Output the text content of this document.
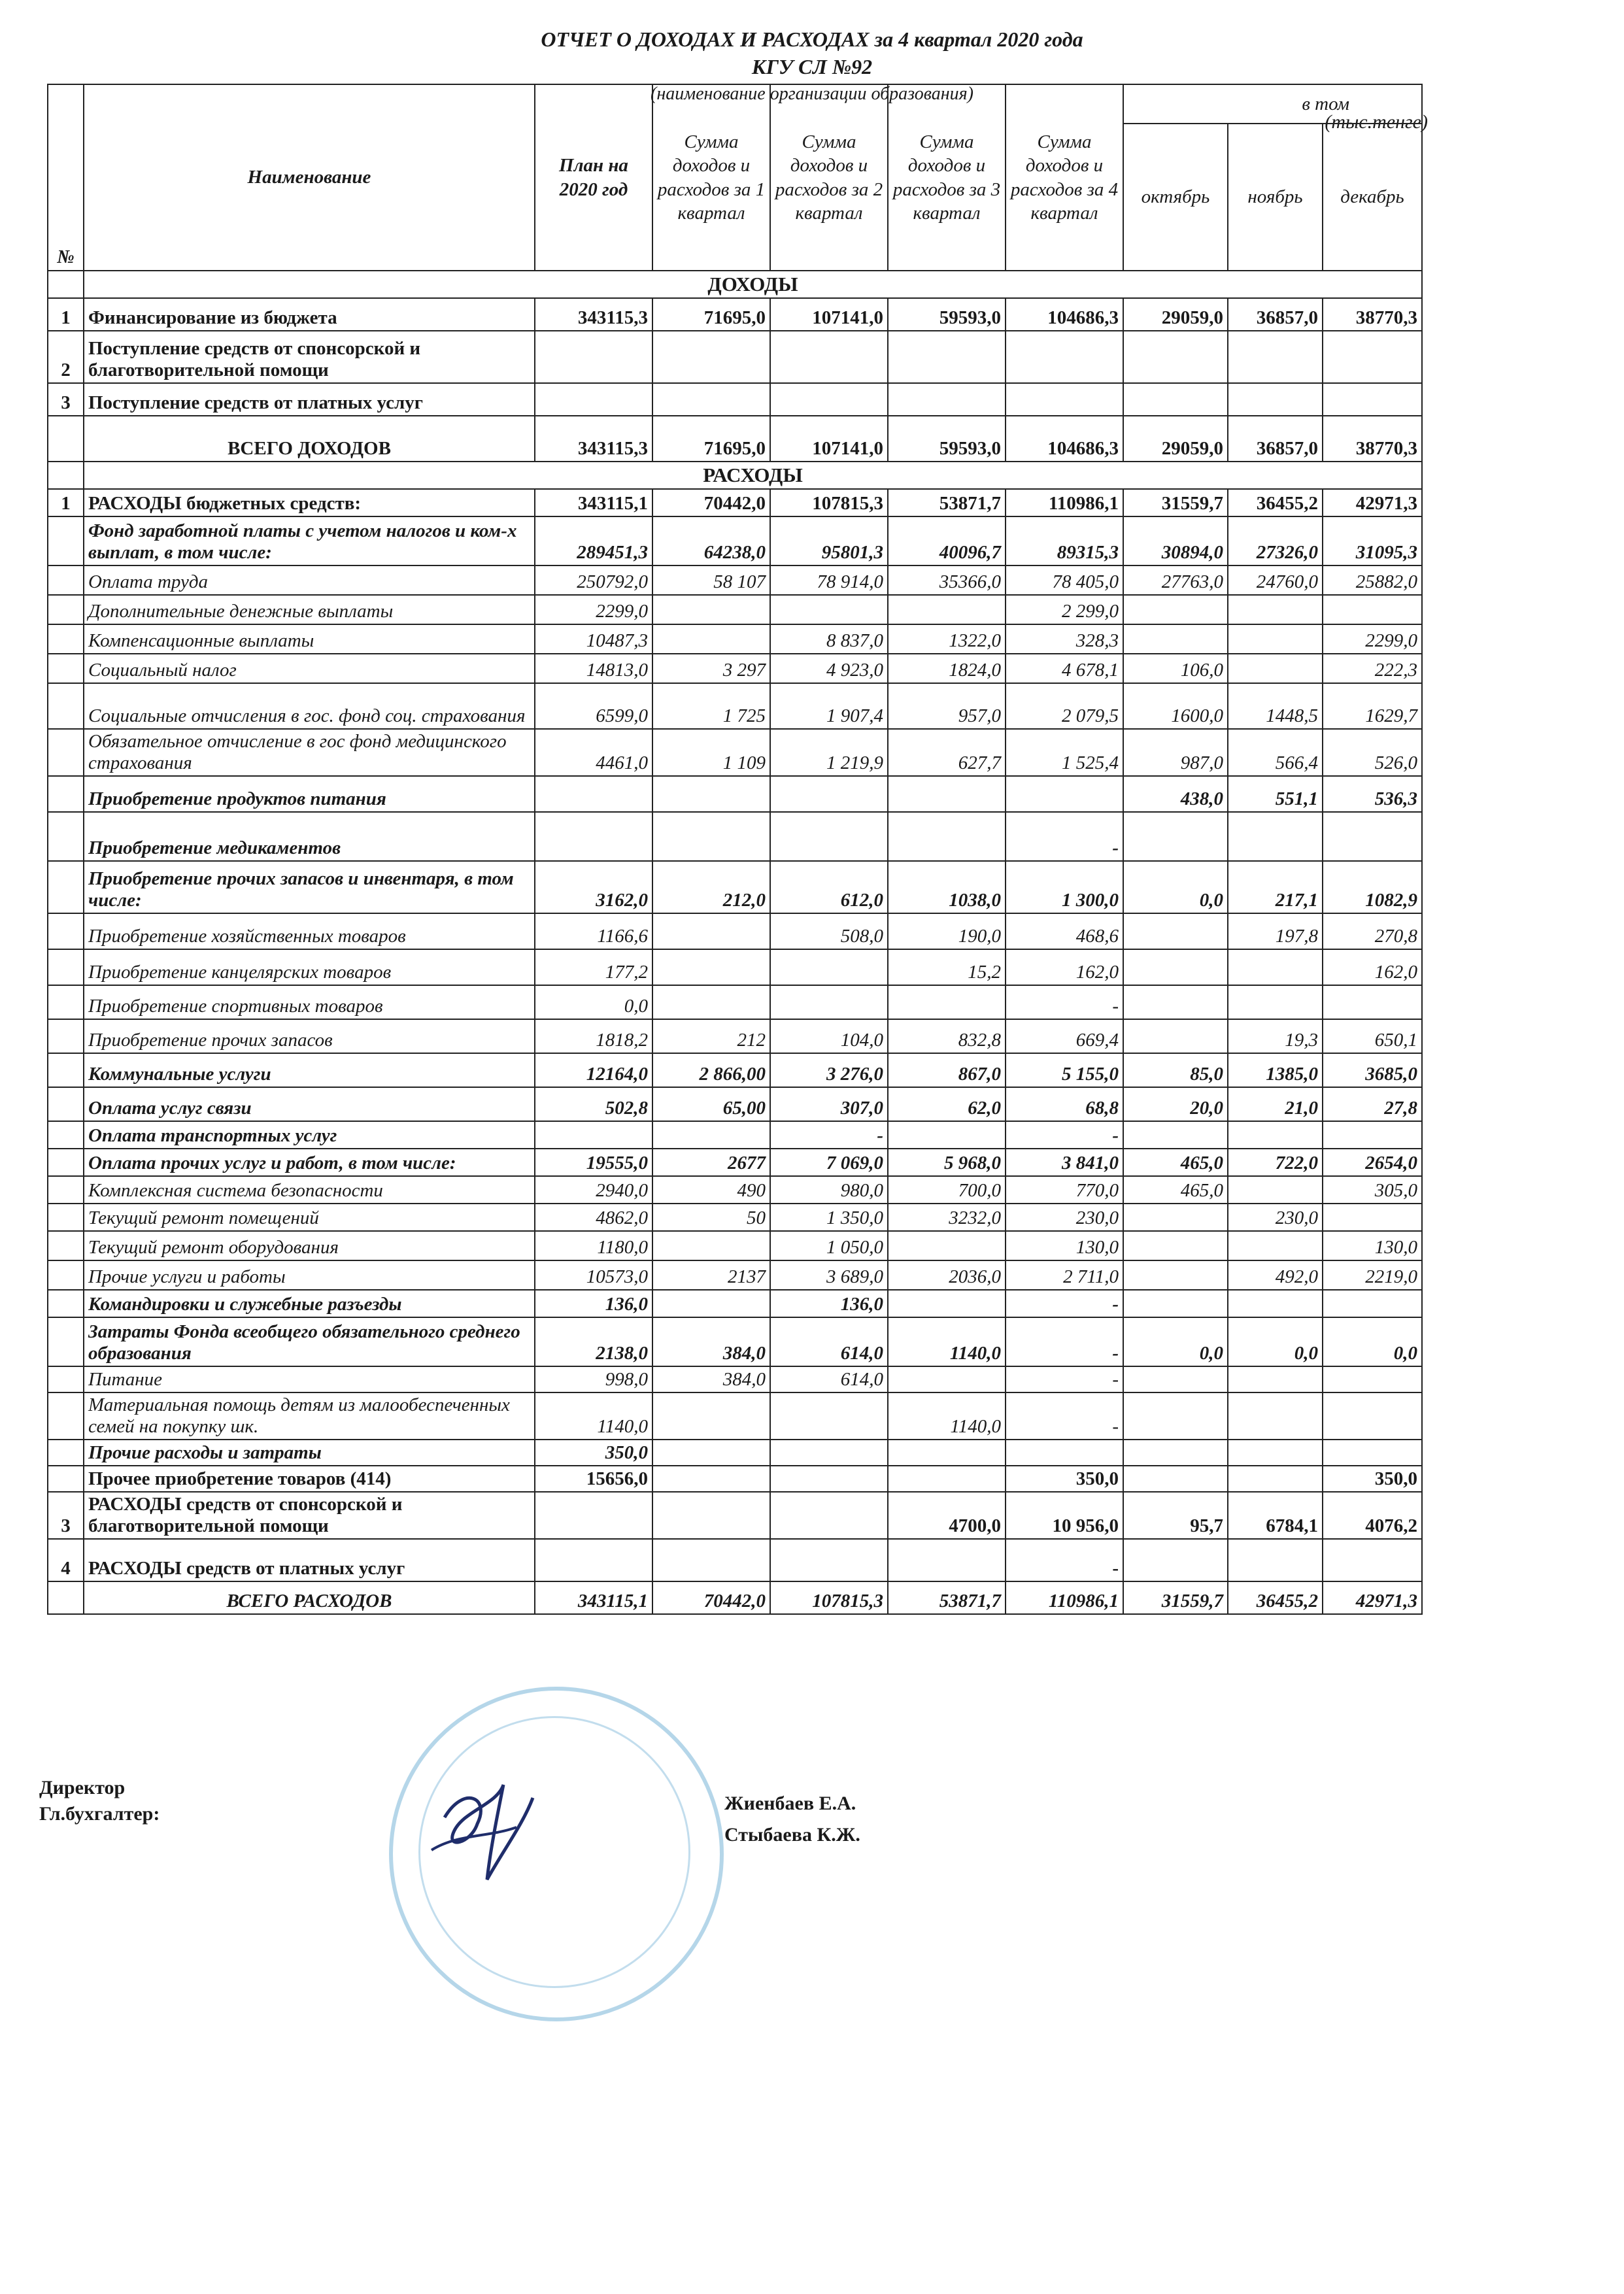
ОТЧЕТ О ДОХОДАХ И РАСХОДАХ за 4 квартал 2020 года
КГУ СЛ №92
(наименование организации образования)
(тыс.тенге)
№	Наименование	План на 2020 год	Сумма доходов и расходов за 1 квартал	Сумма доходов и расходов за 2 квартал	Сумма доходов и расходов за 3 квартал	Сумма доходов и расходов за 4 квартал	в том		
							октябрь	ноябрь	декабрь
	ДОХОДЫ								
1	Финансирование из бюджета	343115,3	71695,0	107141,0	59593,0	104686,3	29059,0	36857,0	38770,3
2	Поступление средств от спонсорской и благотворительной помощи								
3	Поступление средств от платных услуг								
	ВСЕГО ДОХОДОВ	343115,3	71695,0	107141,0	59593,0	104686,3	29059,0	36857,0	38770,3
	РАСХОДЫ								
1	РАСХОДЫ бюджетных средств:	343115,1	70442,0	107815,3	53871,7	110986,1	31559,7	36455,2	42971,3
	Фонд заработной платы с учетом налогов и ком-х выплат, в том числе:	289451,3	64238,0	95801,3	40096,7	89315,3	30894,0	27326,0	31095,3
	Оплата труда	250792,0	58 107	78 914,0	35366,0	78 405,0	27763,0	24760,0	25882,0
	Дополнительные денежные выплаты	2299,0				2 299,0			
	Компенсационные выплаты	10487,3		8 837,0	1322,0	328,3			2299,0
	Социальный налог	14813,0	3 297	4 923,0	1824,0	4 678,1	106,0		222,3
	Социальные отчисления в гос. фонд соц. страхования	6599,0	1 725	1 907,4	957,0	2 079,5	1600,0	1448,5	1629,7
	Обязательное отчисление в гос фонд медицинского страхования	4461,0	1 109	1 219,9	627,7	1 525,4	987,0	566,4	526,0
	Приобретение продуктов питания						438,0	551,1	536,3
	Приобретение медикаментов					-			
	Приобретение прочих запасов и инвентаря, в том числе:	3162,0	212,0	612,0	1038,0	1 300,0	0,0	217,1	1082,9
	Приобретение хозяйственных товаров	1166,6		508,0	190,0	468,6		197,8	270,8
	Приобретение канцелярских товаров	177,2			15,2	162,0			162,0
	Приобретение спортивных товаров	0,0				-			
	Приобретение прочих запасов	1818,2	212	104,0	832,8	669,4		19,3	650,1
	Коммунальные услуги	12164,0	2 866,00	3 276,0	867,0	5 155,0	85,0	1385,0	3685,0
	Оплата услуг связи	502,8	65,00	307,0	62,0	68,8	20,0	21,0	27,8
	Оплата транспортных услуг			-		-			
	Оплата прочих услуг и работ, в том числе:	19555,0	2677	7 069,0	5 968,0	3 841,0	465,0	722,0	2654,0
	Комплексная система безопасности	2940,0	490	980,0	700,0	770,0	465,0		305,0
	Текущий ремонт помещений	4862,0	50	1 350,0	3232,0	230,0		230,0	
	Текущий ремонт оборудования	1180,0		1 050,0		130,0			130,0
	Прочие услуги и работы	10573,0	2137	3 689,0	2036,0	2 711,0		492,0	2219,0
	Командировки и служебные разъезды	136,0		136,0		-			
	Затраты Фонда всеобщего обязательного среднего образования	2138,0	384,0	614,0	1140,0	-	0,0	0,0	0,0
	Питание	998,0	384,0	614,0		-			
	Материальная помощь детям из малообеспеченных семей на покупку шк.	1140,0			1140,0	-			
	Прочие расходы и затраты	350,0							
	Прочее приобретение товаров (414)	15656,0				350,0			350,0
3	РАСХОДЫ средств от спонсорской и благотворительной помощи				4700,0	10 956,0	95,7	6784,1	4076,2
4	РАСХОДЫ средств от платных услуг					-			
	ВСЕГО РАСХОДОВ	343115,1	70442,0	107815,3	53871,7	110986,1	31559,7	36455,2	42971,3
Директор
Гл.бухгалтер:	Жиенбаев Е.А.
Стыбаева К.Ж.
